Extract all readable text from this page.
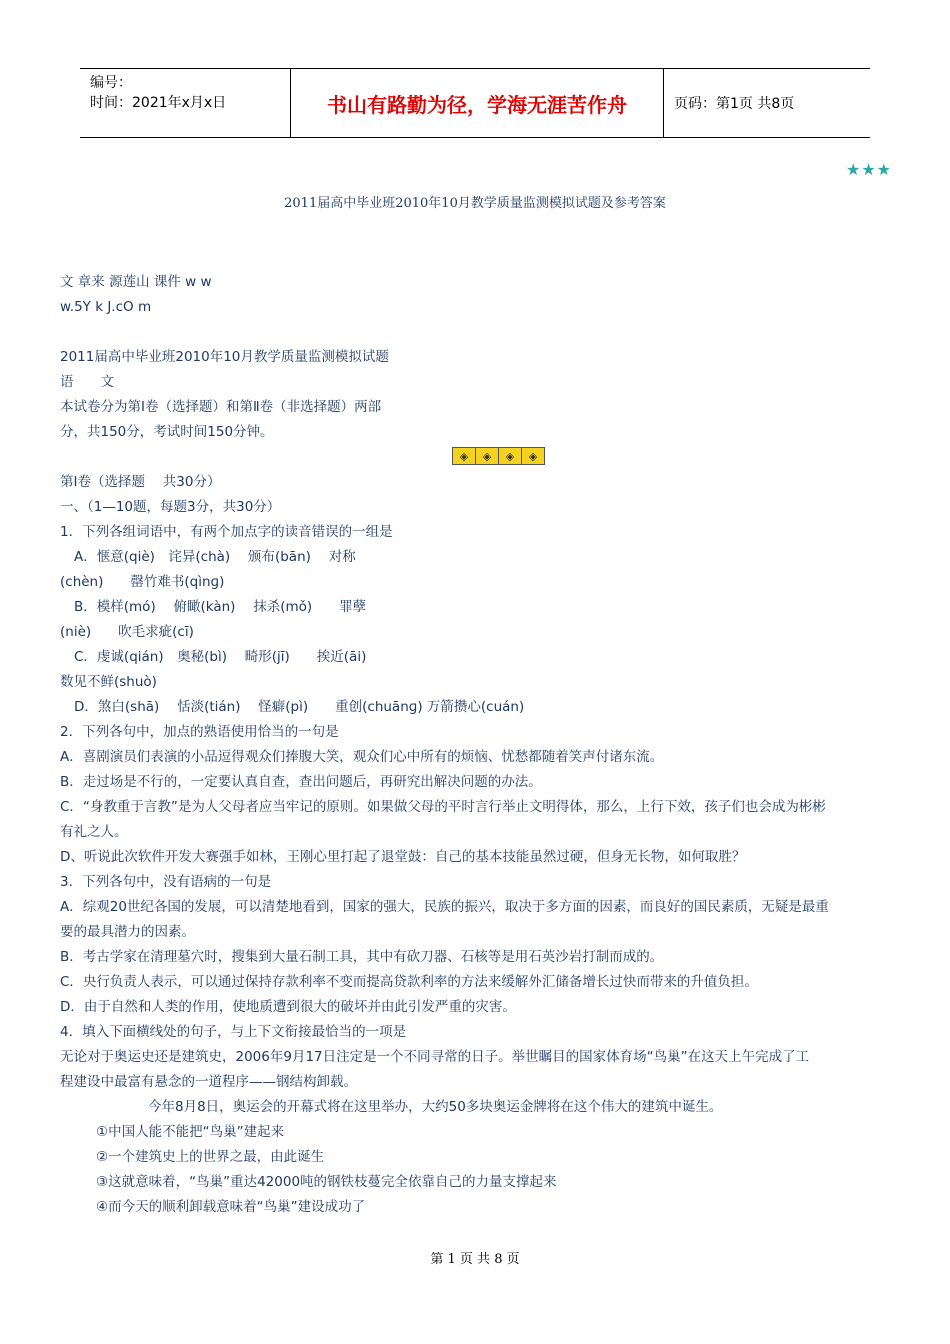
编号：
时间：2021年x月x日	书山有路勤为径，学海无涯苦作舟	页码：第1页 共8页
★★★
2011届高中毕业班2010年10月教学质量监测模拟试题及参考答案

文 章来 源莲山 课件 w w

w.5Y k J.cO m

2011届高中毕业班2010年10月教学质量监测模拟试题

语　　文

本试卷分为第Ⅰ卷（选择题）和第Ⅱ卷（非选择题）两部

分，共150分，考试时间150分钟。

◈	◈	◈	◈

第Ⅰ卷（选择题　 共30分）

一、（1—10题，每题3分，共30分）

1．下列各组词语中，有两个加点字的读音错误的一组是

A．惬意(qiè)　诧异(chà)　 颁布(bān)　 对称

(chèn)　　罄竹难书(qìnɡ)

B．模样(mó)　 俯瞰(kàn)　 抹杀(mǒ)　　罪孽

(niè)　　吹毛求疵(cī)

C．虔诚(qián)　奥秘(bì)　 畸形(jī)　　挨近(āi)

数见不鲜(shuò)

D．煞白(shā)　 恬淡(tián)　 怪癖(pì)　　重创(chuānɡ) 万箭攒心(cuán)

2．下列各句中，加点的熟语使用恰当的一句是

A．喜剧演员们表演的小品逗得观众们捧腹大笑，观众们心中所有的烦恼、忧愁都随着笑声付诸东流。

B．走过场是不行的，一定要认真自查，查出问题后，再研究出解决问题的办法。

C．“身教重于言教”是为人父母者应当牢记的原则。如果做父母的平时言行举止文明得体，那么，上行下效，孩子们也会成为彬彬

有礼之人。

D、听说此次软件开发大赛强手如林，王刚心里打起了退堂鼓：自己的基本技能虽然过硬，但身无长物，如何取胜？

3．下列各句中，没有语病的一句是

A．综观20世纪各国的发展，可以清楚地看到，国家的强大，民族的振兴，取决于多方面的因素，而良好的国民素质，无疑是最重

要的最具潜力的因素。

B．考古学家在清理墓穴时，搜集到大量石制工具，其中有砍刀器、石核等是用石英沙岩打制而成的。

C．央行负责人表示，可以通过保持存款利率不变而提高贷款利率的方法来缓解外汇储备增长过快而带来的升值负担。

D．由于自然和人类的作用，使地质遭到很大的破坏并由此引发严重的灾害。

4．填入下面横线处的句子，与上下文衔接最恰当的一项是

无论对于奥运史还是建筑史，2006年9月17日注定是一个不同寻常的日子。举世瞩目的国家体育场“鸟巢”在这天上午完成了工

程建设中最富有悬念的一道程序——钢结构卸载。

今年8月8日，奥运会的开幕式将在这里举办，大约50多块奥运金牌将在这个伟大的建筑中诞生。

①中国人能不能把“鸟巢”建起来

②一个建筑史上的世界之最，由此诞生

③这就意味着，“鸟巢”重达42000吨的钢铁枝蔓完全依靠自己的力量支撑起来

④而今天的顺利卸载意味着“鸟巢”建设成功了

第 1 页 共 8 页
